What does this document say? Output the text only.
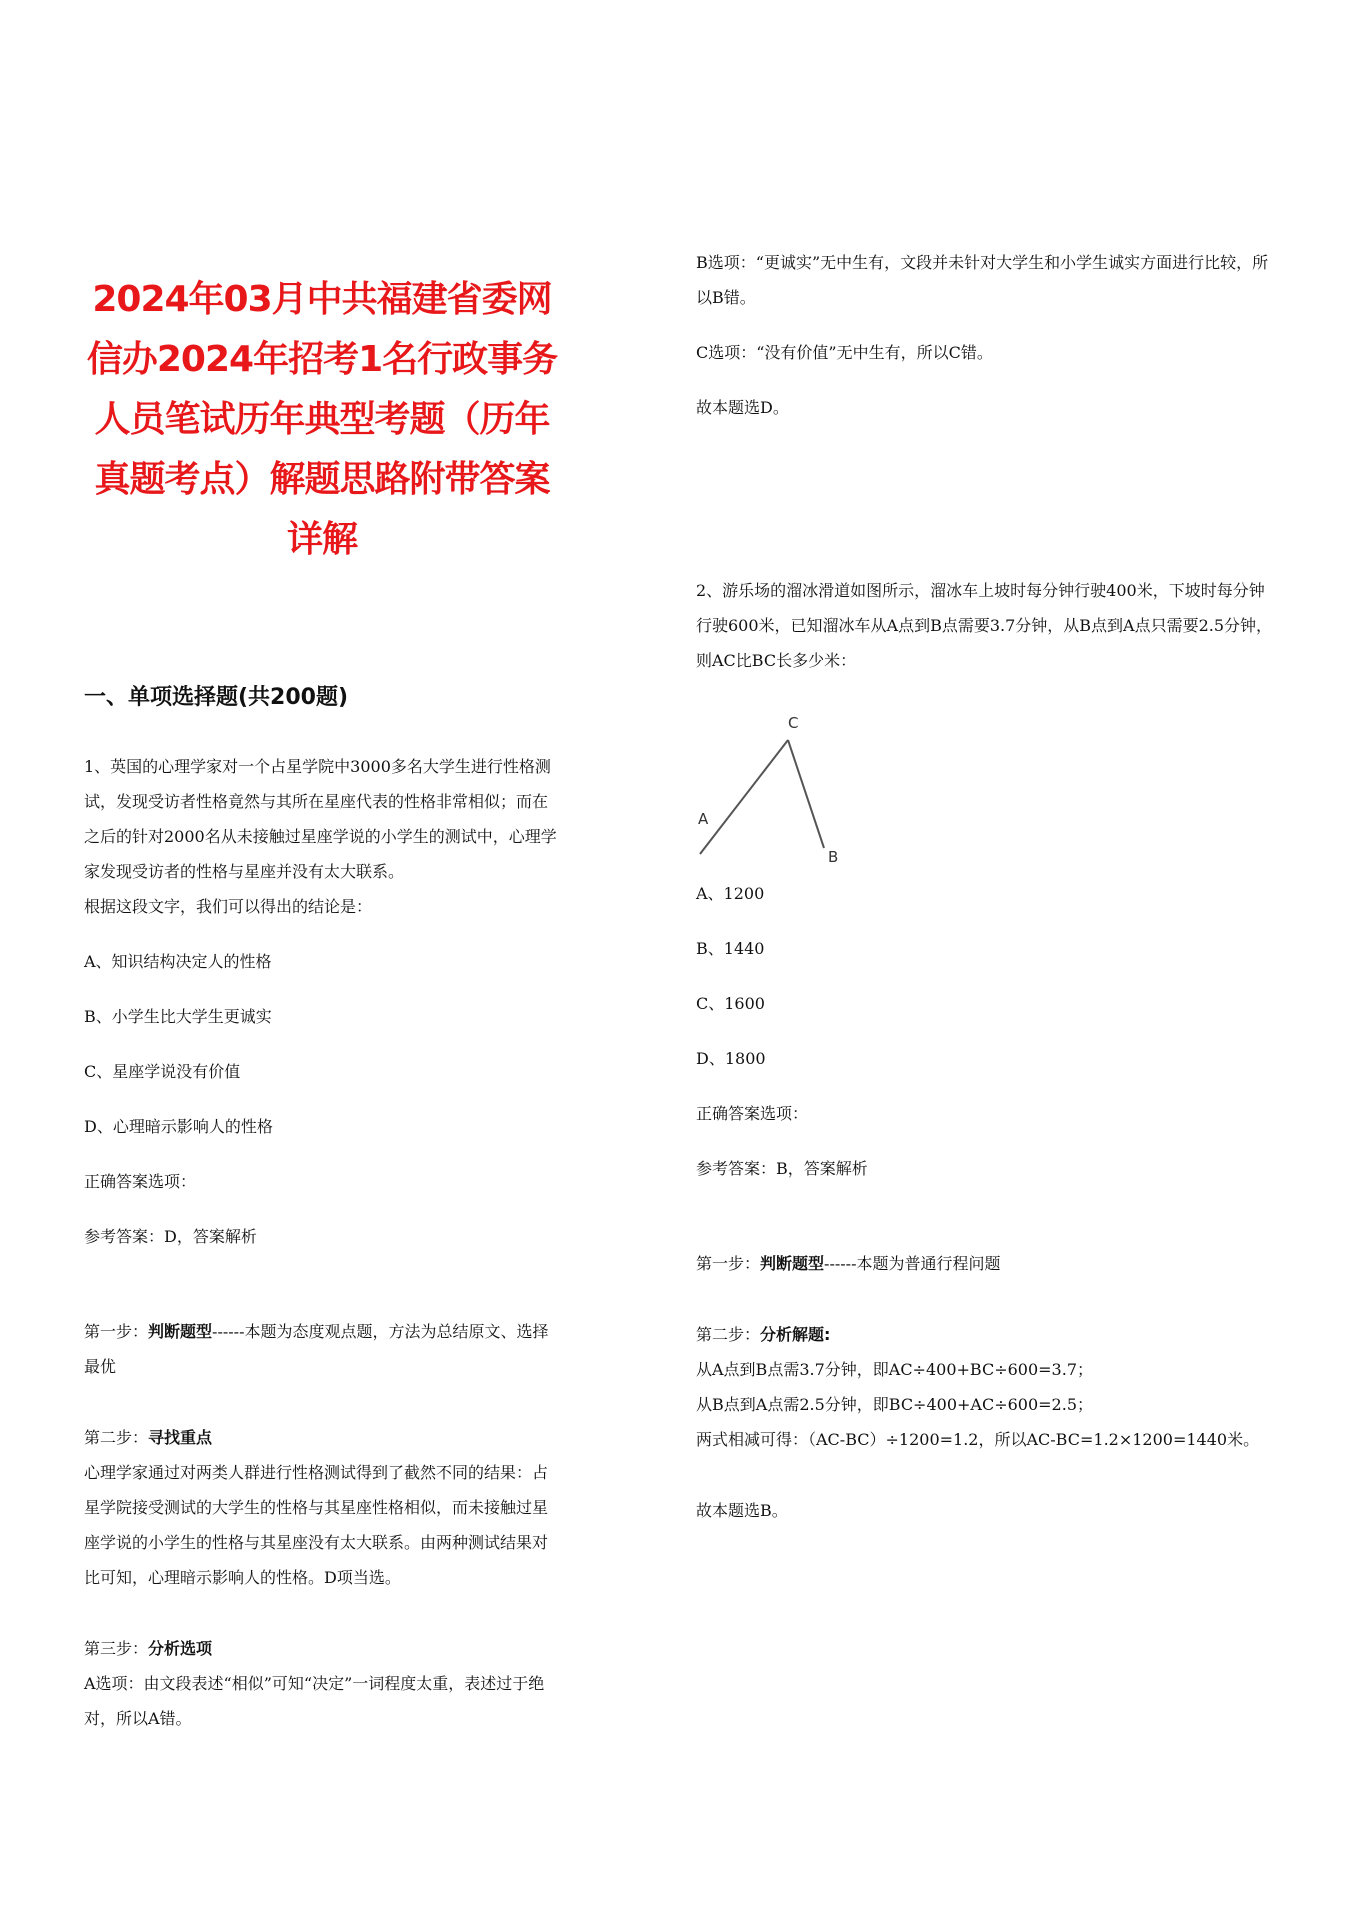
2024年03月中共福建省委网信办2024年招考1名行政事务人员笔试历年典型考题（历年真题考点）解题思路附带答案详解
一、单项选择题(共200题)

1、英国的心理学家对一个占星学院中3000多名大学生进行性格测试，发现受访者性格竟然与其所在星座代表的性格非常相似；而在之后的针对2000名从未接触过星座学说的小学生的测试中，心理学家发现受访者的性格与星座并没有太大联系。

根据这段文字，我们可以得出的结论是：

A、知识结构决定人的性格

B、小学生比大学生更诚实

C、星座学说没有价值

D、心理暗示影响人的性格

正确答案选项：

参考答案：D，答案解析

第一步：判断题型------本题为态度观点题，方法为总结原文、选择最优

第二步：寻找重点

心理学家通过对两类人群进行性格测试得到了截然不同的结果：占星学院接受测试的大学生的性格与其星座性格相似，而未接触过星座学说的小学生的性格与其星座没有太大联系。由两种测试结果对比可知，心理暗示影响人的性格。D项当选。

第三步：分析选项

A选项：由文段表述“相似”可知“决定”一词程度太重，表述过于绝对，所以A错。

B选项：“更诚实”无中生有，文段并未针对大学生和小学生诚实方面进行比较，所以B错。

C选项：“没有价值”无中生有，所以C错。

故本题选D。

2、游乐场的溜冰滑道如图所示，溜冰车上坡时每分钟行驶400米，下坡时每分钟行驶600米，已知溜冰车从A点到B点需要3.7分钟，从B点到A点只需要2.5分钟，则AC比BC长多少米：

A
C
B

A、1200

B、1440

C、1600

D、1800

正确答案选项：

参考答案：B，答案解析

第一步：判断题型------本题为普通行程问题

第二步：分析解题:

从A点到B点需3.7分钟，即AC÷400+BC÷600=3.7；

从B点到A点需2.5分钟，即BC÷400+AC÷600=2.5；

两式相减可得：（AC-BC）÷1200=1.2，所以AC-BC=1.2×1200=1440米。

故本题选B。
